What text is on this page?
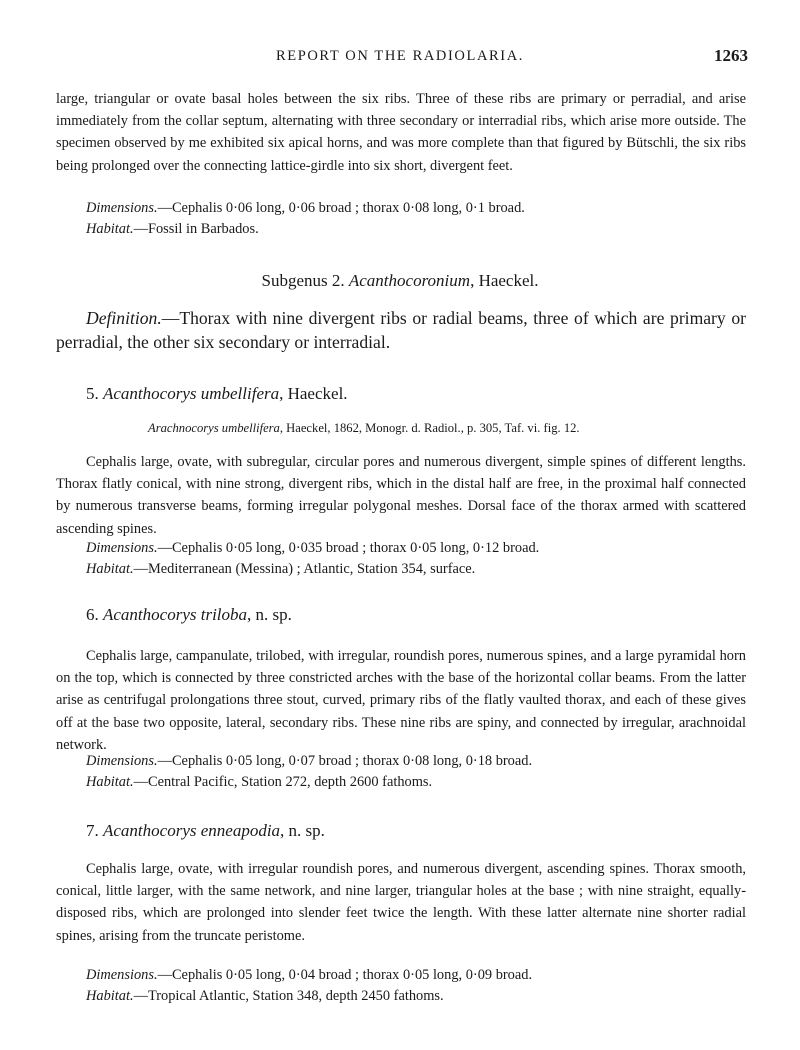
REPORT ON THE RADIOLARIA.	1263
large, triangular or ovate basal holes between the six ribs. Three of these ribs are primary or perradial, and arise immediately from the collar septum, alternating with three secondary or interradial ribs, which arise more outside. The specimen observed by me exhibited six apical horns, and was more complete than that figured by Bütschli, the six ribs being prolonged over the connecting lattice-girdle into six short, divergent feet.
Dimensions.—Cephalis 0·06 long, 0·06 broad ; thorax 0·08 long, 0·1 broad.
Habitat.—Fossil in Barbados.
Subgenus 2. Acanthocoronium, Haeckel.
Definition.—Thorax with nine divergent ribs or radial beams, three of which are primary or perradial, the other six secondary or interradial.
5. Acanthocorys umbellifera, Haeckel.
Arachnocorys umbellifera, Haeckel, 1862, Monogr. d. Radiol., p. 305, Taf. vi. fig. 12.
Cephalis large, ovate, with subregular, circular pores and numerous divergent, simple spines of different lengths. Thorax flatly conical, with nine strong, divergent ribs, which in the distal half are free, in the proximal half connected by numerous transverse beams, forming irregular polygonal meshes. Dorsal face of the thorax armed with scattered ascending spines.
Dimensions.—Cephalis 0·05 long, 0·035 broad ; thorax 0·05 long, 0·12 broad.
Habitat.—Mediterranean (Messina) ; Atlantic, Station 354, surface.
6. Acanthocorys triloba, n. sp.
Cephalis large, campanulate, trilobed, with irregular, roundish pores, numerous spines, and a large pyramidal horn on the top, which is connected by three constricted arches with the base of the horizontal collar beams. From the latter arise as centrifugal prolongations three stout, curved, primary ribs of the flatly vaulted thorax, and each of these gives off at the base two opposite, lateral, secondary ribs. These nine ribs are spiny, and connected by irregular, arachnoidal network.
Dimensions.—Cephalis 0·05 long, 0·07 broad ; thorax 0·08 long, 0·18 broad.
Habitat.—Central Pacific, Station 272, depth 2600 fathoms.
7. Acanthocorys enneapodia, n. sp.
Cephalis large, ovate, with irregular roundish pores, and numerous divergent, ascending spines. Thorax smooth, conical, little larger, with the same network, and nine larger, triangular holes at the base ; with nine straight, equally-disposed ribs, which are prolonged into slender feet twice the length. With these latter alternate nine shorter radial spines, arising from the truncate peristome.
Dimensions.—Cephalis 0·05 long, 0·04 broad ; thorax 0·05 long, 0·09 broad.
Habitat.—Tropical Atlantic, Station 348, depth 2450 fathoms.
